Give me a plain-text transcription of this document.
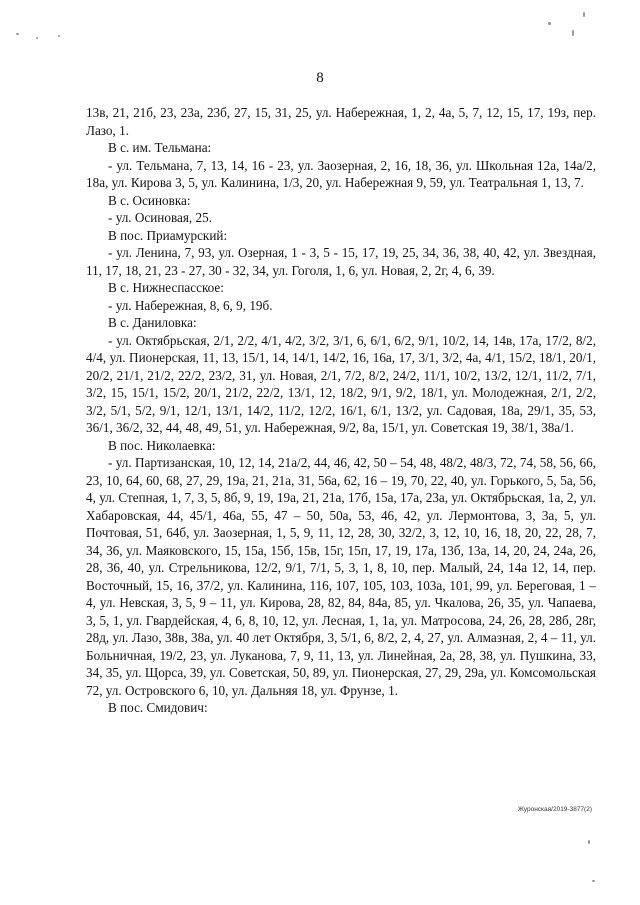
8

13в, 21, 21б, 23, 23а, 23б, 27, 15, 31, 25, ул. Набережная, 1, 2, 4а, 5, 7, 12, 15, 17, 19з, пер. Лазо, 1.

В с. им. Тельмана:

- ул. Тельмана, 7, 13, 14, 16 - 23, ул. Заозерная, 2, 16, 18, 36, ул. Школьная 12а, 14а/2, 18а, ул. Кирова 3, 5, ул. Калинина, 1/3, 20, ул. Набережная 9, 59, ул. Театральная 1, 13, 7.

В с. Осиновка:

- ул. Осиновая, 25.

В пос. Приамурский:

- ул. Ленина, 7, 93, ул. Озерная, 1 - 3, 5 - 15, 17, 19, 25, 34, 36, 38, 40, 42, ул. Звездная, 11, 17, 18, 21, 23 - 27, 30 - 32, 34, ул. Гоголя, 1, 6, ул. Новая, 2, 2г, 4, 6, 39.

В с. Нижнеспасское:

- ул. Набережная, 8, 6, 9, 19б.

В с. Даниловка:

- ул. Октябрьская, 2/1, 2/2, 4/1, 4/2, 3/2, 3/1, 6, 6/1, 6/2, 9/1, 10/2, 14, 14в, 17а, 17/2, 8/2, 4/4, ул. Пионерская, 11, 13, 15/1, 14, 14/1, 14/2, 16, 16а, 17, 3/1, 3/2, 4а, 4/1, 15/2, 18/1, 20/1, 20/2, 21/1, 21/2, 22/2, 23/2, 31, ул. Новая, 2/1, 7/2, 8/2, 24/2, 11/1, 10/2, 13/2, 12/1, 11/2, 7/1, 3/2, 15, 15/1, 15/2, 20/1, 21/2, 22/2, 13/1, 12, 18/2, 9/1, 9/2, 18/1, ул. Молодежная, 2/1, 2/2, 3/2, 5/1, 5/2, 9/1, 12/1, 13/1, 14/2, 11/2, 12/2, 16/1, 6/1, 13/2, ул. Садовая, 18а, 29/1, 35, 53, 36/1, 36/2, 32, 44, 48, 49, 51, ул. Набережная, 9/2, 8а, 15/1, ул. Советская 19, 38/1, 38а/1.

В пос. Николаевка:

- ул. Партизанская, 10, 12, 14, 21а/2, 44, 46, 42, 50 – 54, 48, 48/2, 48/3, 72, 74, 58, 56, 66, 23, 10, 64, 60, 68, 27, 29, 19а, 21, 21а, 31, 56а, 62, 16 – 19, 70, 22, 40, ул. Горького, 5, 5а, 56, 4, ул. Степная, 1, 7, 3, 5, 8б, 9, 19, 19а, 21, 21а, 17б, 15а, 17а, 23а, ул. Октябрьская, 1а, 2, ул. Хабаровская, 44, 45/1, 46а, 55, 47 – 50, 50а, 53, 46, 42, ул. Лермонтова, 3, 3а, 5, ул. Почтовая, 51, 64б, ул. Заозерная, 1, 5, 9, 11, 12, 28, 30, 32/2, 3, 12, 10, 16, 18, 20, 22, 28, 7, 34, 36, ул. Маяковского, 15, 15а, 15б, 15в, 15г, 15п, 17, 19, 17а, 13б, 13а, 14, 20, 24, 24а, 26, 28, 36, 40, ул. Стрельникова, 12/2, 9/1, 7/1, 5, 3, 1, 8, 10, пер. Малый, 24, 14а 12, 14, пер. Восточный, 15, 16, 37/2, ул. Калинина, 116, 107, 105, 103, 103а, 101, 99, ул. Береговая, 1 – 4, ул. Невская, 3, 5, 9 – 11, ул. Кирова, 28, 82, 84, 84а, 85, ул. Чкалова, 26, 35, ул. Чапаева, 3, 5, 1, ул. Гвардейская, 4, 6, 8, 10, 12, ул. Лесная, 1, 1а, ул. Матросова, 24, 26, 28, 28б, 28г, 28д, ул. Лазо, 38в, 38а, ул. 40 лет Октября, 3, 5/1, 6, 8/2, 2, 4, 27, ул. Алмазная, 2, 4 – 11, ул. Больничная, 19/2, 23, ул. Луканова, 7, 9, 11, 13, ул. Линейная, 2а, 28, 38, ул. Пушкина, 33, 34, 35, ул. Щорса, 39, ул. Советская, 50, 89, ул. Пионерская, 27, 29, 29а, ул. Комсомольская 72, ул. Островского 6, 10, ул. Дальняя 18, ул. Фрунзе, 1.

В пос. Смидович:

Журонская/2019-3877(2)
